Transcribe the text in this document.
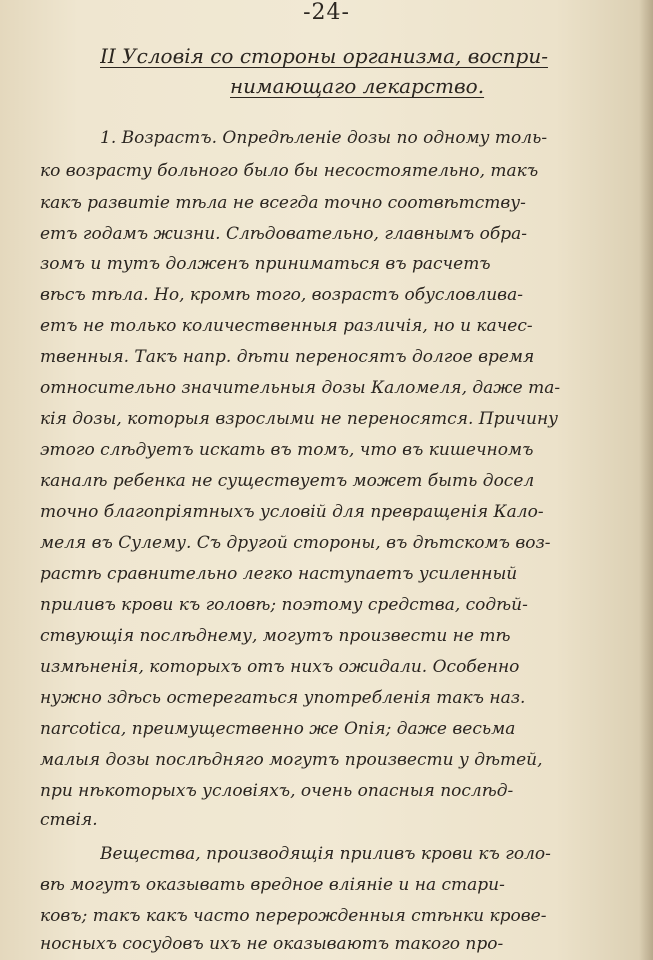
-24-
II Условія со стороны организма, воспри-
нимающаго лекарство.
1. Возрастъ. Опредѣленіе дозы по одному толь-
ко возрасту больного было бы несостоятельно, такъ
какъ развитіе тѣла не всегда точно соотвѣтству-
етъ годамъ жизни. Слѣдовательно, главнымъ обра-
зомъ и тутъ долженъ приниматься въ расчетъ
вѣсъ тѣла. Но, кромѣ того, возрастъ обусловлива-
етъ не только количественныя различія, но и качес-
твенныя. Такъ напр. дѣти переносятъ долгое время
относительно значительныя дозы Каломеля, даже та-
кія дозы, которыя взрослыми не переносятся. Причину
этого слѣдуетъ искать въ томъ, что въ кишечномъ
каналѣ ребенка не существуетъ может быть досел
точно благопріятныхъ условій для превращенія Кало-
меля въ Сулему. Съ другой стороны, въ дѣтскомъ воз-
растѣ сравнительно легко наступаетъ усиленный
приливъ крови къ головѣ; поэтому средства, содѣй-
ствующія послѣднему, могутъ произвести не тѣ
измѣненія, которыхъ отъ нихъ ожидали. Особенно
нужно здѣсь остерегаться употребленія такъ наз.
narcotica, преимущественно же Опія; даже весьма
малыя дозы послѣдняго могутъ произвести у дѣтей,
при нѣкоторыхъ условіяхъ, очень опасныя послѣд-
ствія.
Вещества, производящія приливъ крови къ голо-
вѣ могутъ оказывать вредное вліяніе и на стари-
ковъ; такъ какъ часто перерожденныя стѣнки крове-
носныхъ сосудовъ ихъ не оказываютъ такого про-
